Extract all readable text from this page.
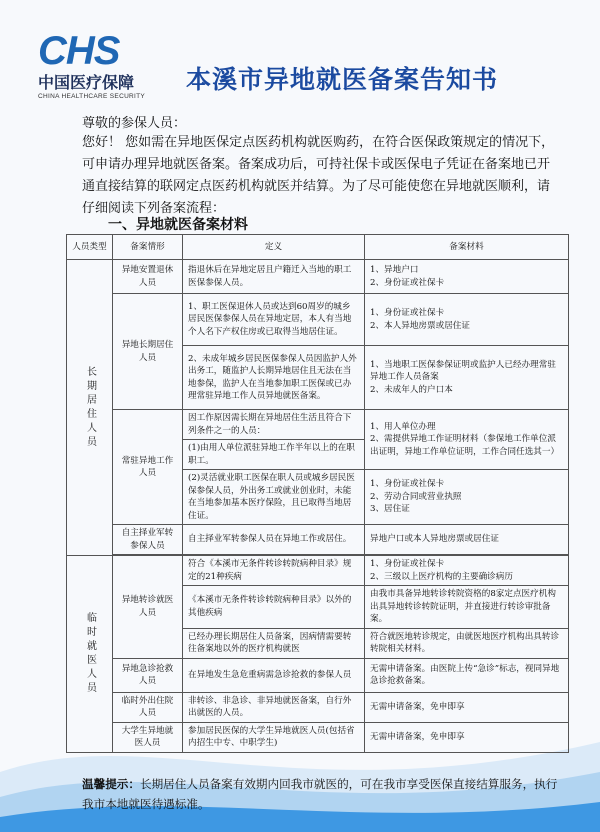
CHS
中国医疗保障
CHINA HEALTHCARE SECURITY
本溪市异地就医备案告知书
尊敬的参保人员：
您好！ 您如需在异地医保定点医药机构就医购药，在符合医保政策规定的情况下，可申请办理异地就医备案。备案成功后，可持社保卡或医保电子凭证在备案地已开通直接结算的联网定点医药机构就医并结算。为了尽可能使您在异地就医顺利，请仔细阅读下列备案流程：
一、异地就医备案材料
人员类型	备案情形	定义	备案材料
长期居住人员	异地安置退休人员	指退休后在异地定居且户籍迁入当地的职工医保参保人员。	1、异地户口
2、身份证或社保卡
	异地长期居住人员	1、职工医保退休人员或达到60周岁的城乡居民医保参保人员在异地定居，本人有当地个人名下产权住房或已取得当地居住证。	1、身份证或社保卡
2、本人异地房票或居住证
		2、未成年城乡居民医保参保人员因监护人外出务工，随监护人长期异地居住且无法在当地参保，监护人在当地参加职工医保或已办理常驻异地工作人员异地就医备案。	1、当地职工医保参保证明或监护人已经办理常驻异地工作人员备案
2、未成年人的户口本
	常驻异地工作人员	因工作原因需长期在异地居住生活且符合下列条件之一的人员：	1、用人单位办理
2、需提供异地工作证明材料（参保地工作单位派出证明，异地工作单位证明，工作合同任选其一）
		(1)由用人单位派驻异地工作半年以上的在职职工。	
		(2)灵活就业职工医保在职人员或城乡居民医保参保人员，外出务工或就业创业时，未能在当地参加基本医疗保险，且已取得当地居住证。	1、身份证或社保卡
2、劳动合同或营业执照
3、居住证
	自主择业军转参保人员	自主择业军转参保人员在异地工作或居住。	异地户口或本人异地房票或居住证

临时就医人员	异地转诊就医人员	符合《本溪市无条件转诊转院病种目录》规定的21种疾病	1、身份证或社保卡
2、三级以上医疗机构的主要确诊病历
		《本溪市无条件转诊转院病种目录》以外的其他疾病	由我市具备异地转诊转院资格的8家定点医疗机构出具异地转诊转院证明，并直接进行转诊审批备案。
		已经办理长期居住人员备案，因病情需要转往备案地以外的医疗机构就医	符合就医地转诊规定，由就医地医疗机构出具转诊转院相关材料。
	异地急诊抢救人员	在异地发生急危重病需急诊抢救的参保人员	无需申请备案。由医院上传“急诊”标志，视同异地急诊抢救备案。
	临时外出住院人员	非转诊、非急诊、非异地就医备案，自行外出就医的人员。	无需申请备案，免申即享
	大学生异地就医人员	参加居民医保的大学生异地就医人员(包括省内招生中专、中职学生)	无需申请备案，免申即享
温馨提示：长期居住人员备案有效期内回我市就医的，可在我市享受医保直接结算服务，执行我市本地就医待遇标准。
